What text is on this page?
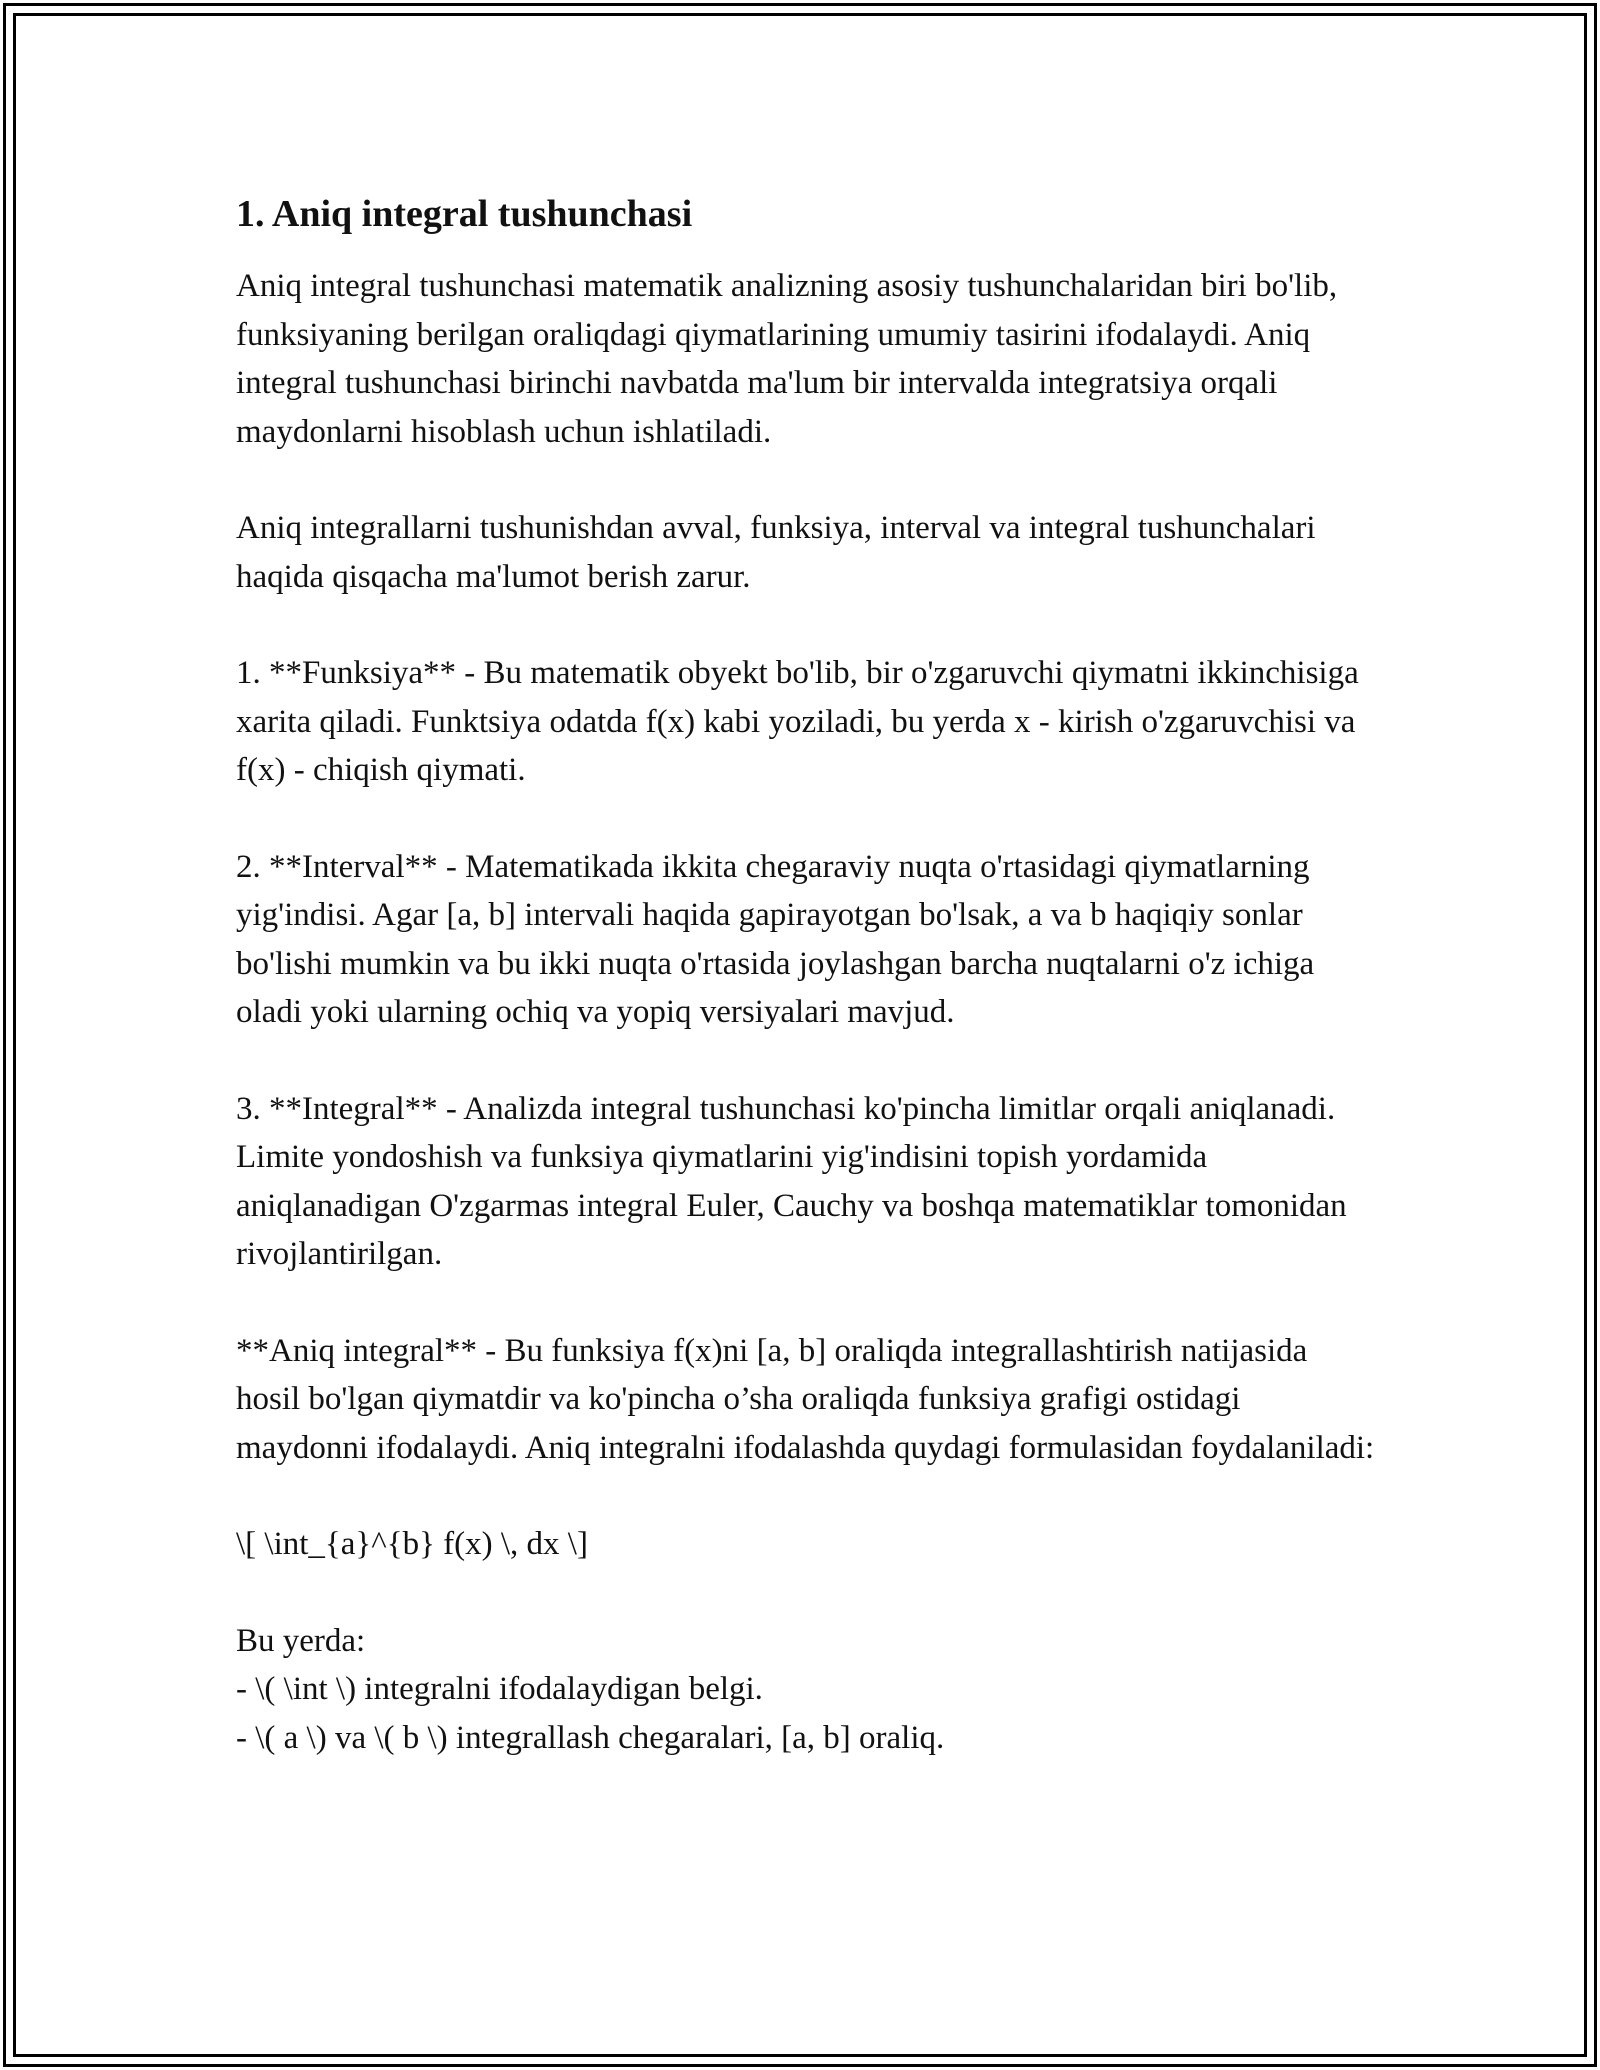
1. Aniq integral tushunchasi

Aniq integral tushunchasi matematik analizning asosiy tushunchalaridan biri bo'lib, funksiyaning berilgan oraliqdagi qiymatlarining umumiy tasirini ifodalaydi. Aniq integral tushunchasi birinchi navbatda ma'lum bir intervalda integratsiya orqali maydonlarni hisoblash uchun ishlatiladi.

Aniq integrallarni tushunishdan avval, funksiya, interval va integral tushunchalari haqida qisqacha ma'lumot berish zarur.

1. **Funksiya** - Bu matematik obyekt bo'lib, bir o'zgaruvchi qiymatni ikkinchisiga xarita qiladi. Funktsiya odatda f(x) kabi yoziladi, bu yerda x - kirish o'zgaruvchisi va f(x) - chiqish qiymati.

2. **Interval** - Matematikada ikkita chegaraviy nuqta o'rtasidagi qiymatlarning yig'indisi. Agar [a, b] intervali haqida gapirayotgan bo'lsak, a va b haqiqiy sonlar bo'lishi mumkin va bu ikki nuqta o'rtasida joylashgan barcha nuqtalarni o'z ichiga oladi yoki ularning ochiq va yopiq versiyalari mavjud.

3. **Integral** - Analizda integral tushunchasi ko'pincha limitlar orqali aniqlanadi. Limite yondoshish va funksiya qiymatlarini yig'indisini topish yordamida aniqlanadigan O'zgarmas integral Euler, Cauchy va boshqa matematiklar tomonidan rivojlantirilgan.

**Aniq integral** - Bu funksiya f(x)ni [a, b] oraliqda integrallashtirish natijasida hosil bo'lgan qiymatdir va ko'pincha o’sha oraliqda funksiya grafigi ostidagi maydonni ifodalaydi. Aniq integralni ifodalashda quydagi formulasidan foydalaniladi:

\[ \int_{a}^{b} f(x) \, dx \]

Bu yerda:
- \( \int \) integralni ifodalaydigan belgi.
- \( a \) va \( b \) integrallash chegaralari, [a, b] oraliq.
